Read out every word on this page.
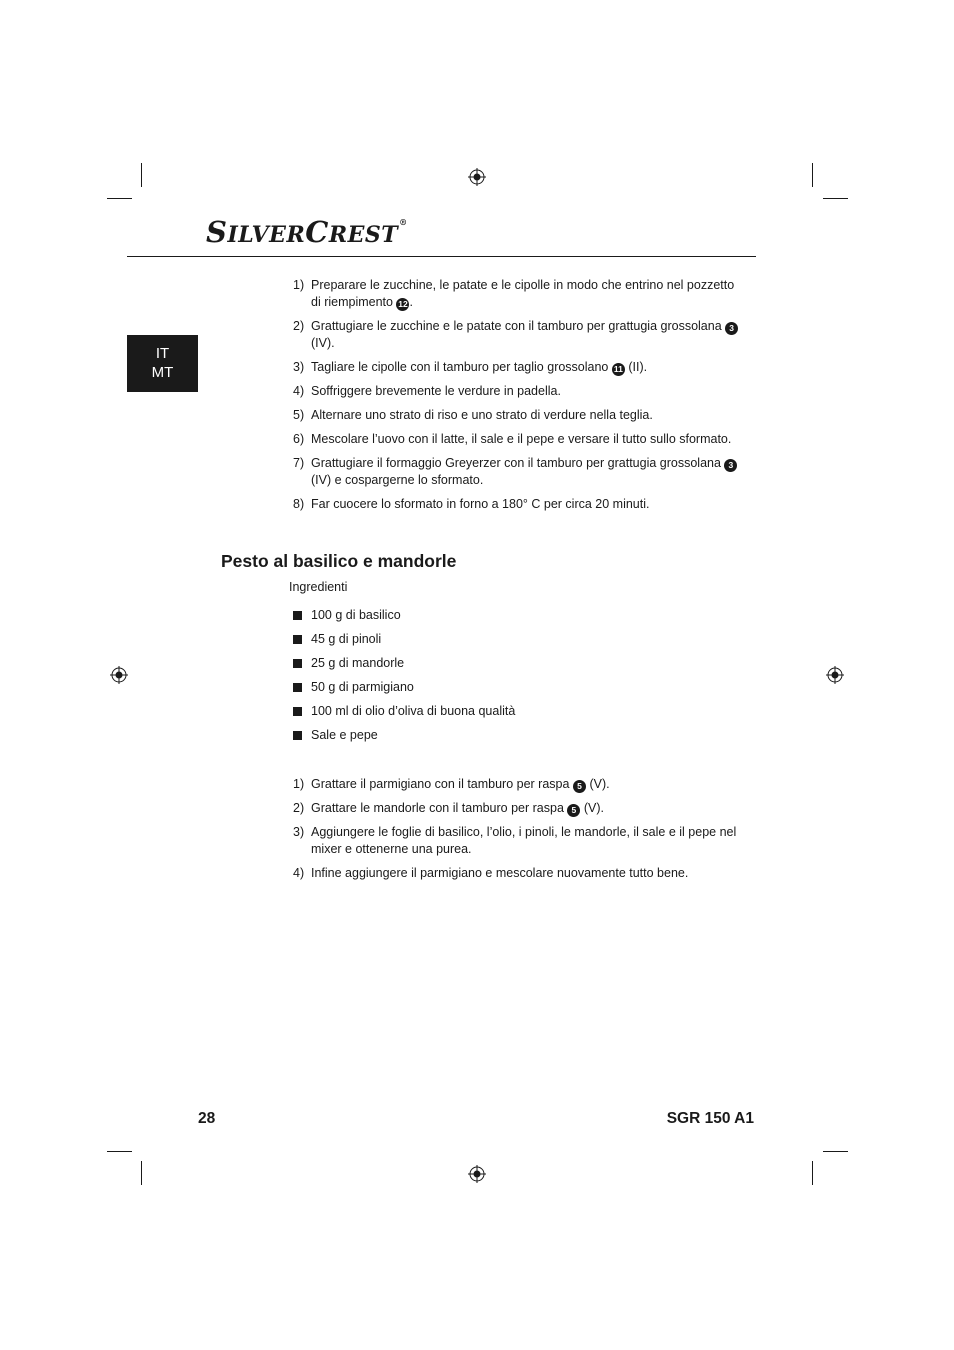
SILVERCREST®
IT
MT
1) Preparare le zucchine, le patate e le cipolle in modo che entrino nel pozzetto di riempimento 12 .
2) Grattugiare le zucchine e le patate con il tamburo per grattugia grossolana 3 (IV).
3) Tagliare le cipolle con il tamburo per taglio grossolano 11 (II).
4) Soffriggere brevemente le verdure in padella.
5) Alternare uno strato di riso e uno strato di verdure nella teglia.
6) Mescolare l’uovo con il latte, il sale e il pepe e versare il tutto sullo sformato.
7) Grattugiare il formaggio Greyerzer con il tamburo per grattugia grossolana 3 (IV) e cospargerne lo sformato.
8) Far cuocere lo sformato in forno a 180° C per circa 20 minuti.
Pesto al basilico e mandorle
Ingredienti
100 g di basilico
45 g di pinoli
25 g di mandorle
50 g di parmigiano
100 ml di olio d’oliva di buona qualità
Sale e pepe
1) Grattare il parmigiano con il tamburo per raspa 5 (V).
2) Grattare le mandorle con il tamburo per raspa 5 (V).
3) Aggiungere le foglie di basilico, l’olio, i pinoli, le mandorle, il sale e il pepe nel mixer e ottenerne una purea.
4) Infine aggiungere il parmigiano e mescolare nuovamente tutto bene.
28	SGR 150 A1
